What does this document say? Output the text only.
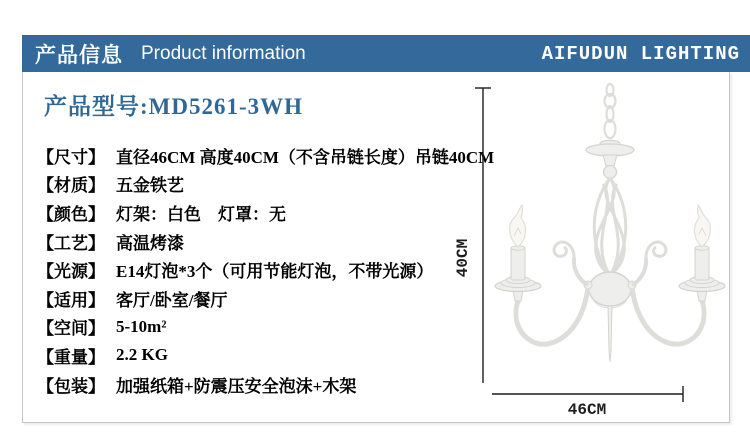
产品信息 Product information	AIFUDUN LIGHTING
产品型号:MD5261-3WH
【尺寸】 直径46CM 高度40CM（不含吊链长度）吊链40CM
【材质】 五金铁艺
【颜色】 灯架：白色　灯罩：无
【工艺】 高温烤漆
【光源】 E14灯泡*3个（可用节能灯泡，不带光源）
【适用】 客厅/卧室/餐厅
【空间】 5-10m²
【重量】 2.2 KG
【包装】 加强纸箱+防震压安全泡沫+木架
40CM
46CM
